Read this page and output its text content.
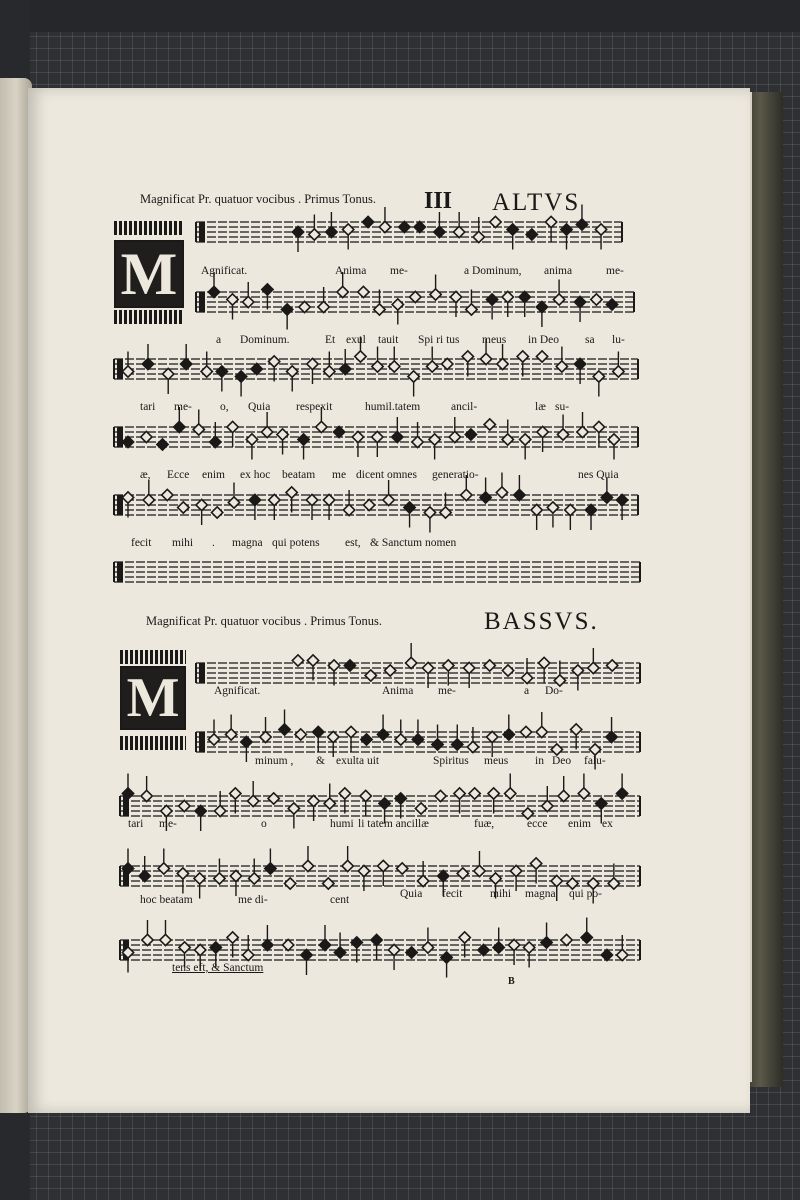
Magnificat Pr. quatuor vocibus . Primus Tonus. III ALTVS
M	Agnificat.	Anima me-	a Dominum, anima	me-
a Dominum.	Et exul tauit Spi ri tus meus in Deo sa lu-
tari me- o, Quia respexit	humil.tatem	ancil-	læ su-
æ, Ecce enim ex hoc beatam me dicent omnes generatio-	nes Quia
fecit mihi . magna qui potens est, & Sanctum nomen
Magnificat Pr. quatuor vocibus . Primus Tonus.	BASSVS.
M	Agnificat.	Anima me-	a Do-
minum , & exulta uit	Spiritus meus in Deo falu-
tari me-	o	humi li tatem ancillæ	fuæ,	ecce enim ex
hoc beatam	me di-	cent	Quia fecit mihi magna qui po-
tens eft, & Sanctum
B
